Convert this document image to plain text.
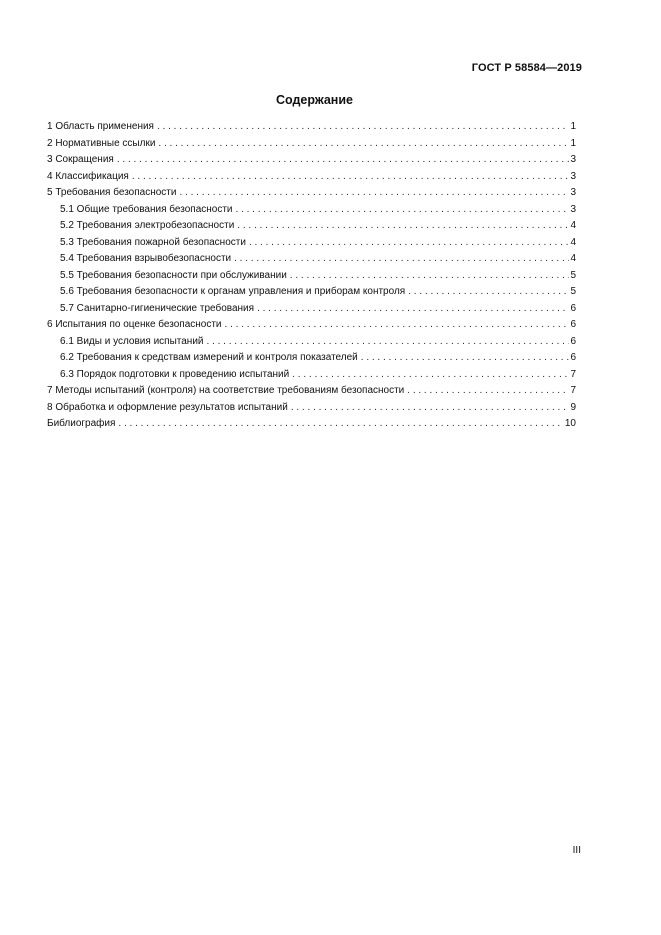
ГОСТ Р 58584—2019
Содержание
1 Область применения . . .	1
2 Нормативные ссылки . . .	1
3 Сокращения . . .	3
4 Классификация . . .	3
5 Требования безопасности . . .	3
5.1 Общие требования безопасности . . .	3
5.2 Требования электробезопасности . . .	4
5.3 Требования пожарной безопасности . . .	4
5.4 Требования взрывобезопасности . . .	4
5.5 Требования безопасности при обслуживании . . .	5
5.6 Требования безопасности к органам управления и приборам контроля . . .	5
5.7 Санитарно-гигиенические требования . . .	6
6 Испытания по оценке безопасности . . .	6
6.1 Виды и условия испытаний . . .	6
6.2 Требования к средствам измерений и контроля показателей . . .	6
6.3 Порядок подготовки к проведению испытаний . . .	7
7 Методы испытаний (контроля) на соответствие требованиям безопасности . . .	7
8 Обработка и оформление результатов испытаний . . .	9
Библиография . . .	10
III
